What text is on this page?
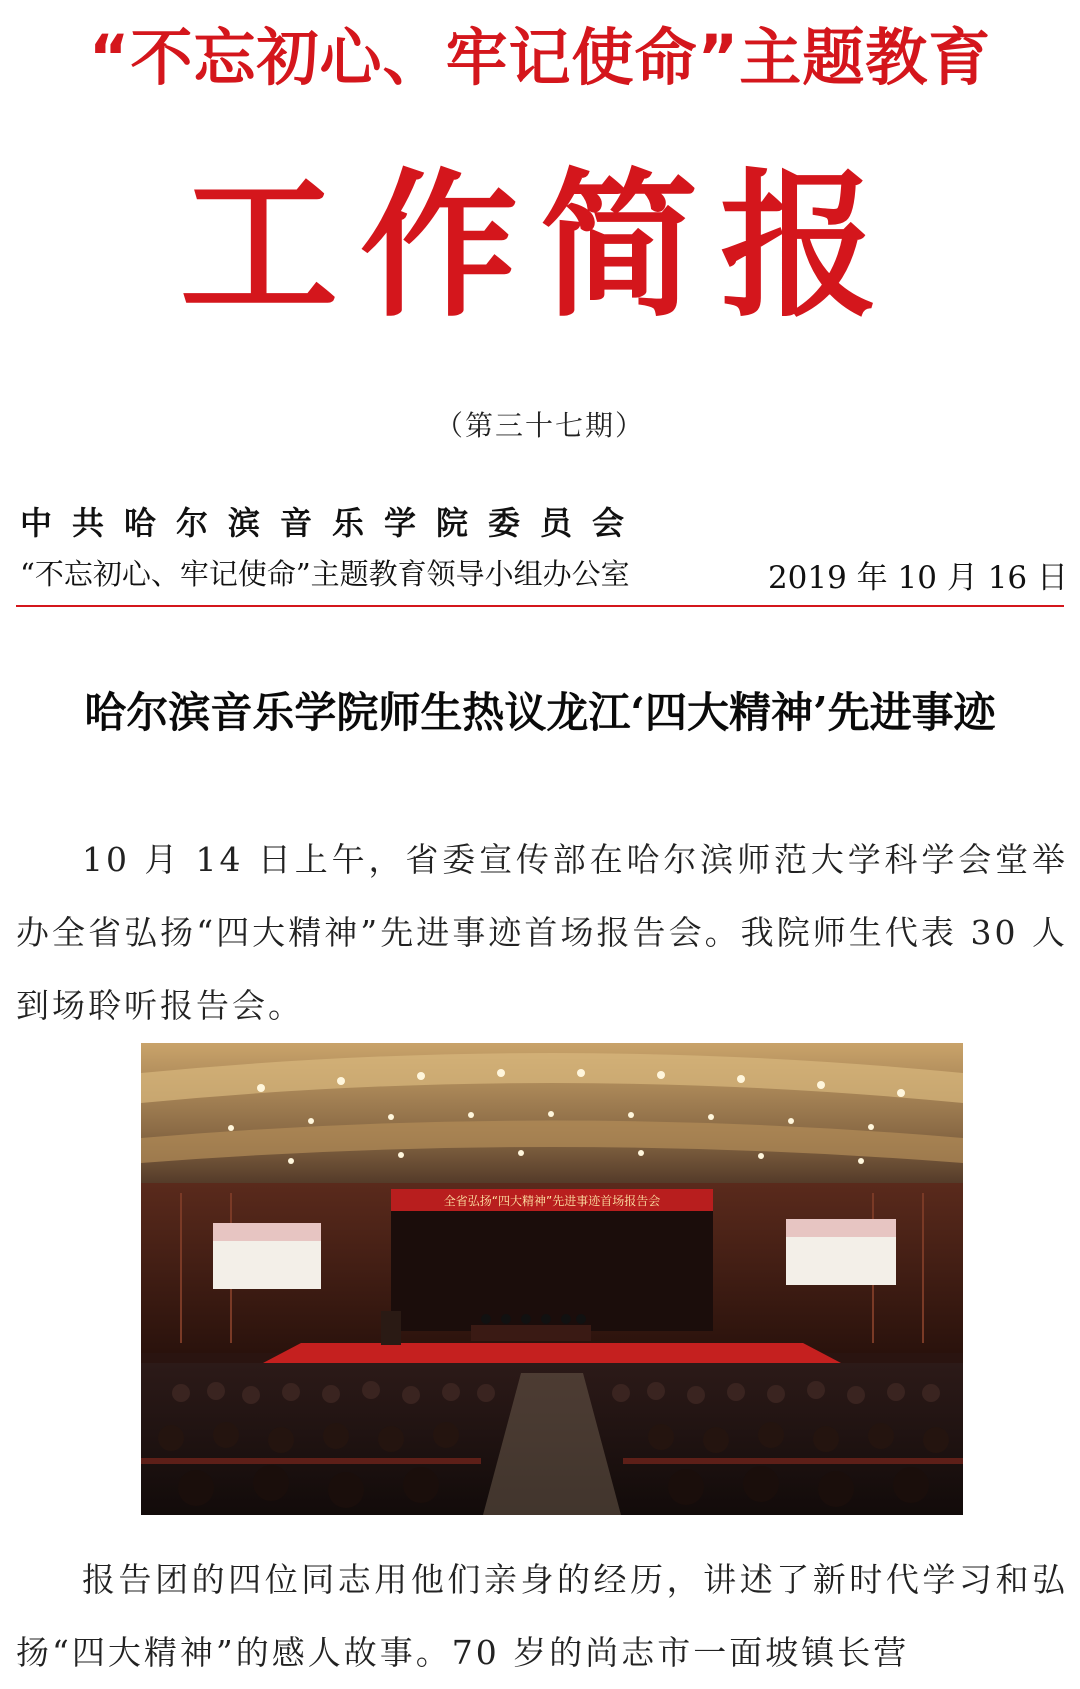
“不忘初心、牢记使命”主题教育
工作简报
（第三十七期）
中共哈尔滨音乐学院委员会
“不忘初心、牢记使命”主题教育领导小组办公室	2019 年 10 月 16 日
哈尔滨音乐学院师生热议龙江‘四大精神’先进事迹
10 月 14 日上午，省委宣传部在哈尔滨师范大学科学会堂举办全省弘扬“四大精神”先进事迹首场报告会。我院师生代表 30 人到场聆听报告会。
全省弘扬“四大精神”先进事迹首场报告会
报告团的四位同志用他们亲身的经历，讲述了新时代学习和弘扬“四大精神”的感人故事。70 岁的尚志市一面坡镇长营
